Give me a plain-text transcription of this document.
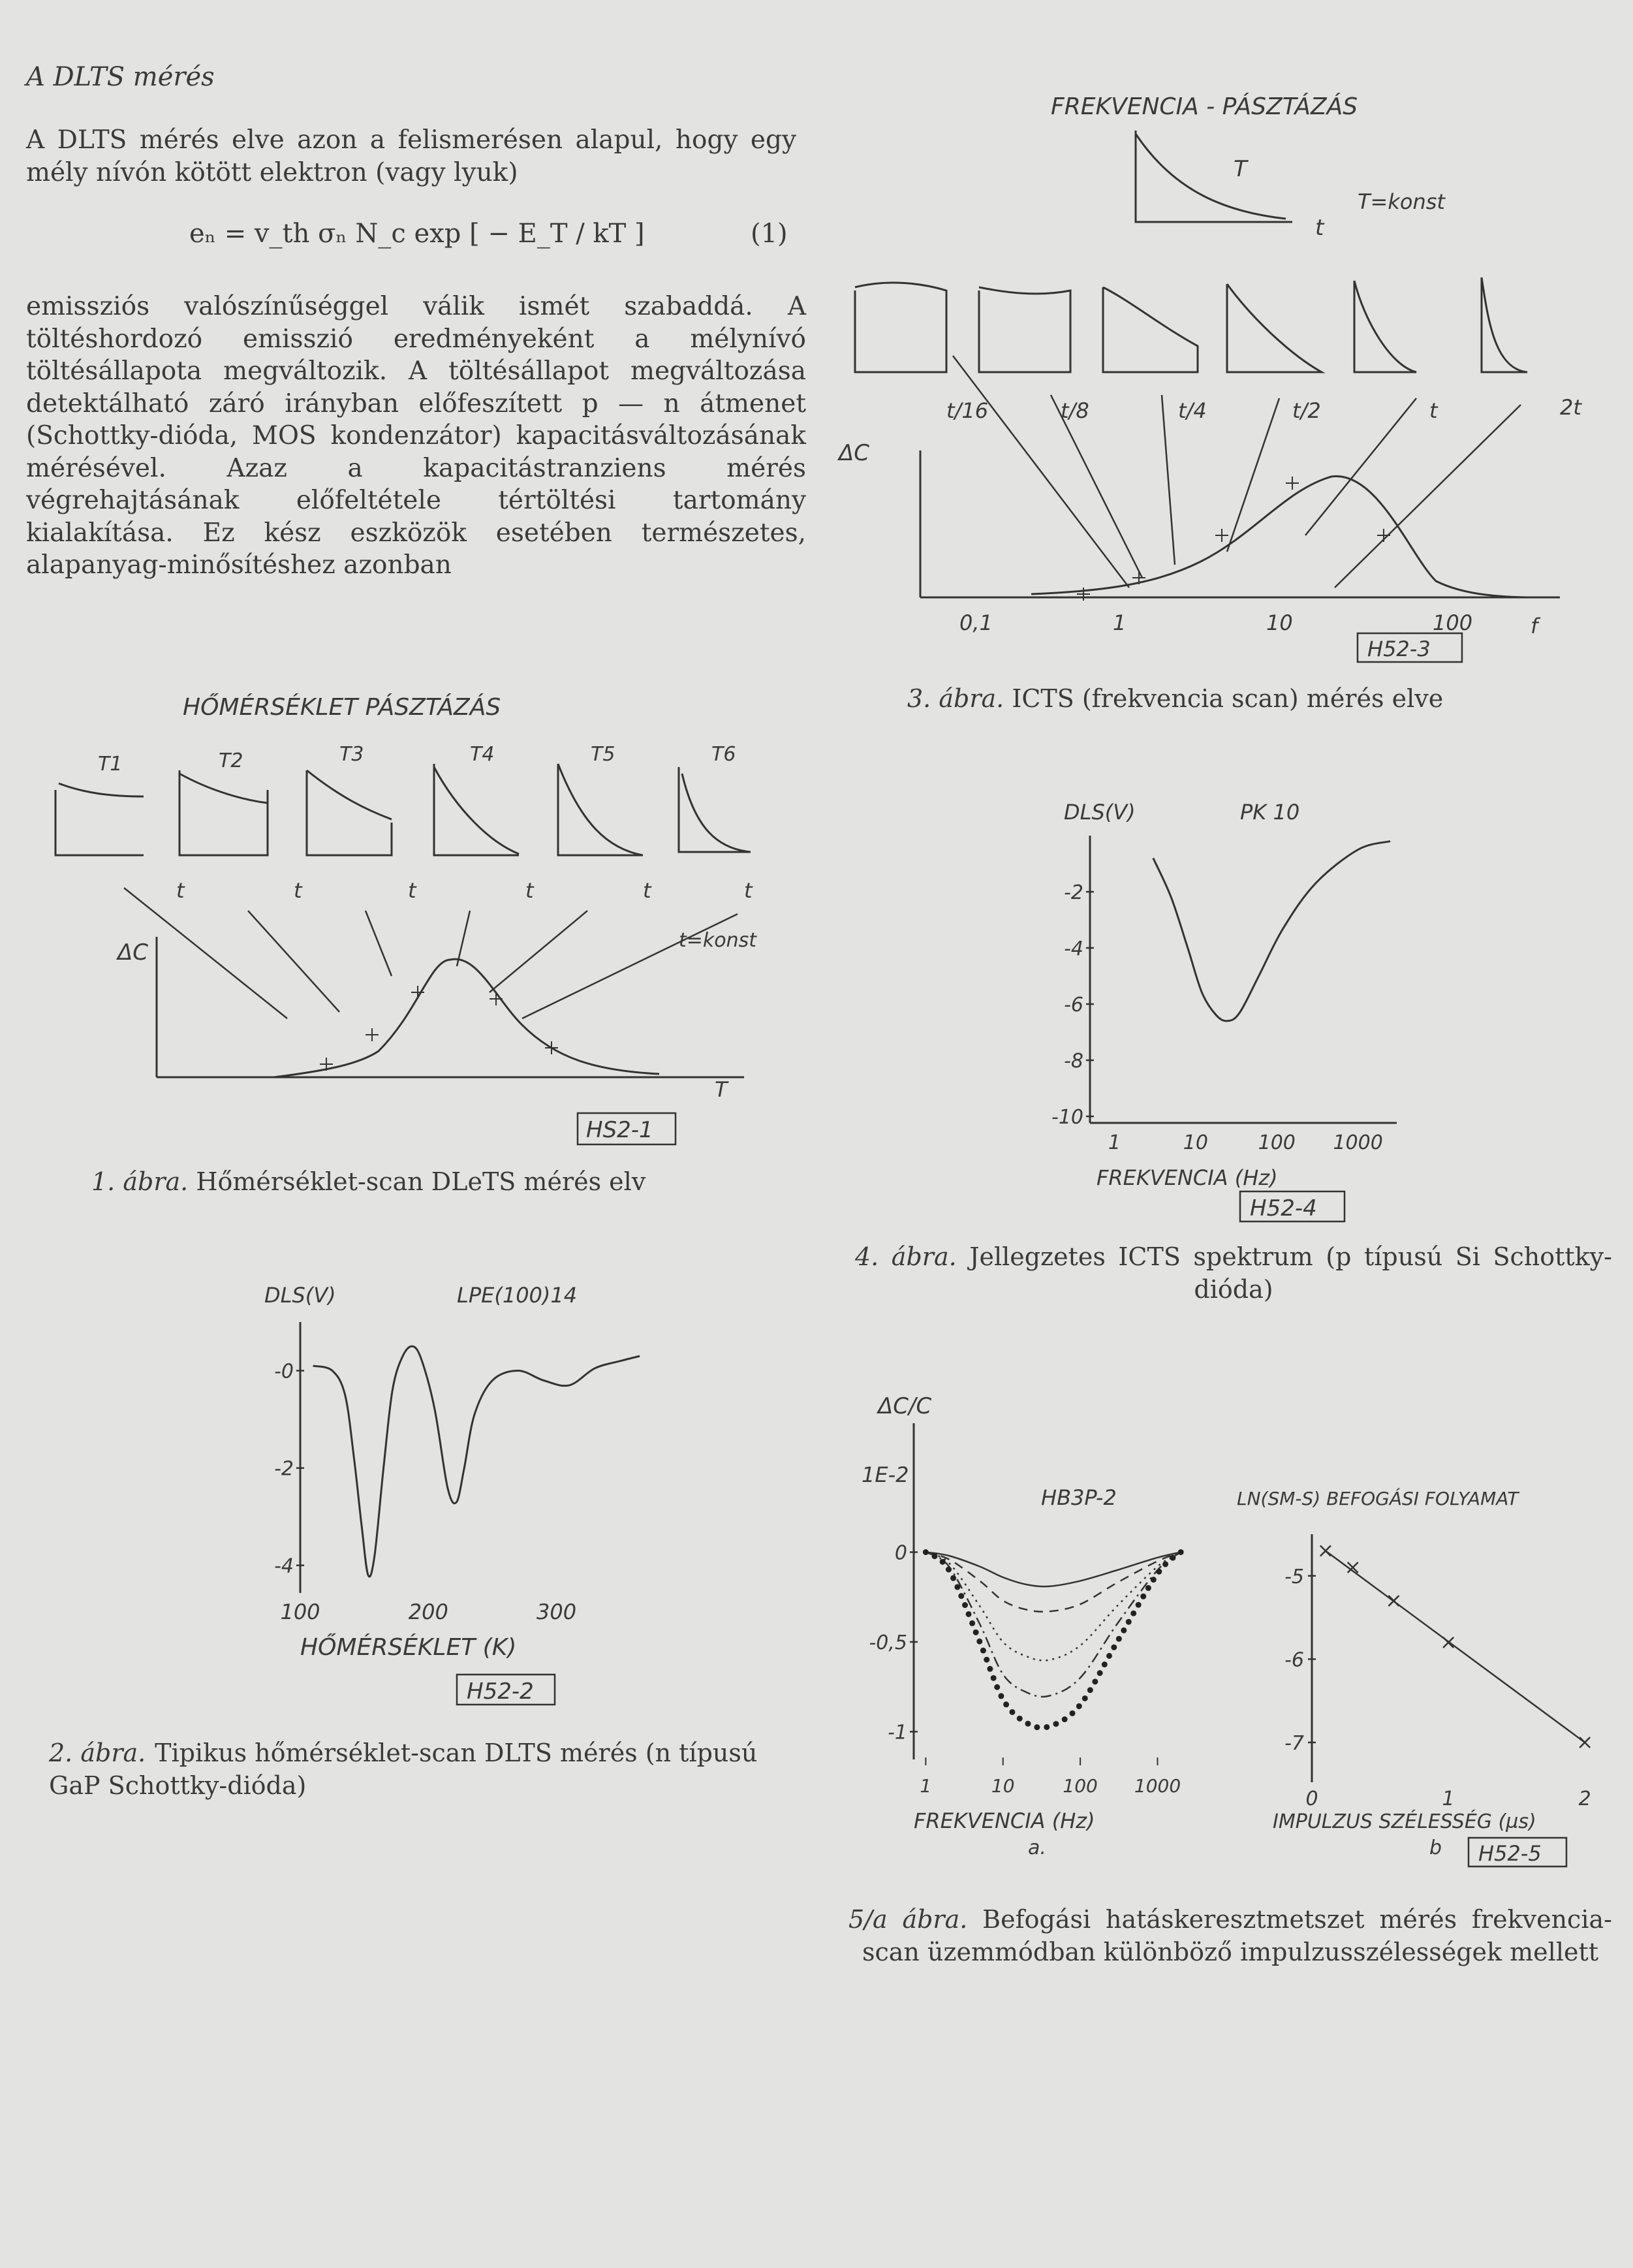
A DLTS mérés
A DLTS mérés elve azon a felismerésen alapul, hogy egy mély nívón kötött elektron (vagy lyuk)
eₙ = v_th σₙ N_c exp [ − E_T / kT ]	(1)
emissziós valószínűséggel válik ismét szabaddá. A töltéshordozó emisszió eredményeként a mélynívó töltésállapota megváltozik. A töltésállapot megváltozása detektálható záró irányban előfeszített p — n átmenet (Schottky-dióda, MOS kondenzátor) kapacitásváltozásának mérésével. Azaz a kapacitástranziens mérés végrehajtásának előfeltétele tértöltési tartomány kialakítása. Ez kész eszközök esetében természetes, alapanyag-minősítéshez azonban
FREKVENCIA - PÁSZTÁZÁS
T
t
T=konst
t/16	t/8	t/4	t/2	t	2t
ΔC
0,1	1	10	100	f
H52-3
3. ábra. ICTS (frekvencia scan) mérés elve
HŐMÉRSÉKLET PÁSZTÁZÁS
T1	T2	T3	T4	T5	T6
t	t	t	t	t	t
ΔC	t=konst
T
HS2-1
1. ábra. Hőmérséklet-scan DLeTS mérés elv
DLS(V)	PK 10
-2
-4
-6
-8
-10
1	10	100 1000
FREKVENCIA (Hz)
H52-4
4. ábra. Jellegzetes ICTS spektrum (p típusú Si Schottky-dióda)
DLS(V)	LPE(100)14
-0
-2
-4
100	200	300
HŐMÉRSÉKLET (K)
H52-2
2. ábra. Tipikus hőmérséklet-scan DLTS mérés (n típusú GaP Schottky-dióda)
ΔC/C
1E-2
HB3P-2
0
-0,5
-1
1	10	100 1000
FREKVENCIA (Hz)
a.
LN(SM-S) BEFOGÁSI FOLYAMAT
-5
-6
-7
0	1	2
IMPULZUS SZÉLESSÉG (µs)
b H52-5
5/a ábra. Befogási hatáskeresztmetszet mérés frekvencia-scan üzemmódban különböző impulzusszélességek mellett
